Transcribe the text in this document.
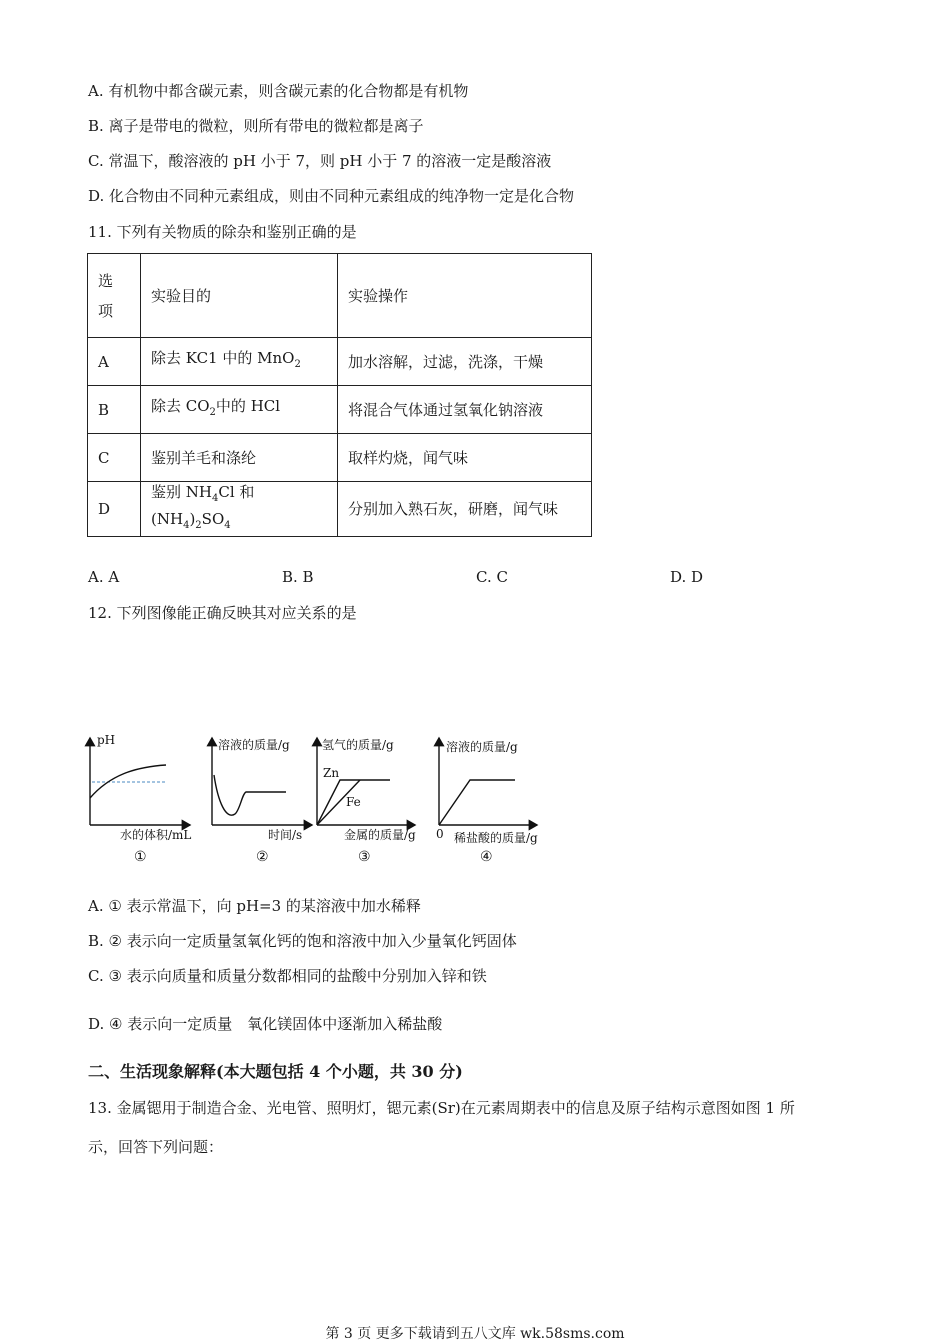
A. 有机物中都含碳元素，则含碳元素的化合物都是有机物
B. 离子是带电的微粒，则所有带电的微粒都是离子
C. 常温下，酸溶液的 pH 小于 7，则 pH 小于 7 的溶液一定是酸溶液
D. 化合物由不同种元素组成，则由不同种元素组成的纯净物一定是化合物
11. 下列有关物质的除杂和鉴别正确的是
选
项	实验目的	实验操作
A	除去 KC1 中的 MnO$_2$	加水溶解，过滤，洗涤，干燥
B	除去 $CO_2$中的 HCl	将混合气体通过氢氧化钠溶液
C	鉴别羊毛和涤纶	取样灼烧，闻气味
D	鉴别 $NH_4Cl$ 和$(NH_4)_2SO_4$	分别加入熟石灰，研磨，闻气味
A. A	B. B	C. C	D. D
12. 下列图像能正确反映其对应关系的是
pH
水的体积/mL
①
溶液的质量/g
时间/s
②
氢气的质量/g
Zn
Fe
金属的质量/g
③
溶液的质量/g
0 稀盐酸的质量/g
④
A. ① 表示常温下，向 pH=3 的某溶液中加水稀释
B. ② 表示向一定质量氢氧化钙的饱和溶液中加入少量氧化钙固体
C. ③ 表示向质量和质量分数都相同的盐酸中分别加入锌和铁
D. ④ 表示向一定质量　氧化镁固体中逐渐加入稀盐酸
二、生活现象解释(本大题包括 4 个小题，共 30 分)
13. 金属锶用于制造合金、光电管、照明灯，锶元素(Sr)在元素周期表中的信息及原子结构示意图如图 1 所
示，回答下列问题：
第 3 页 更多下载请到五八文库 wk.58sms.com
